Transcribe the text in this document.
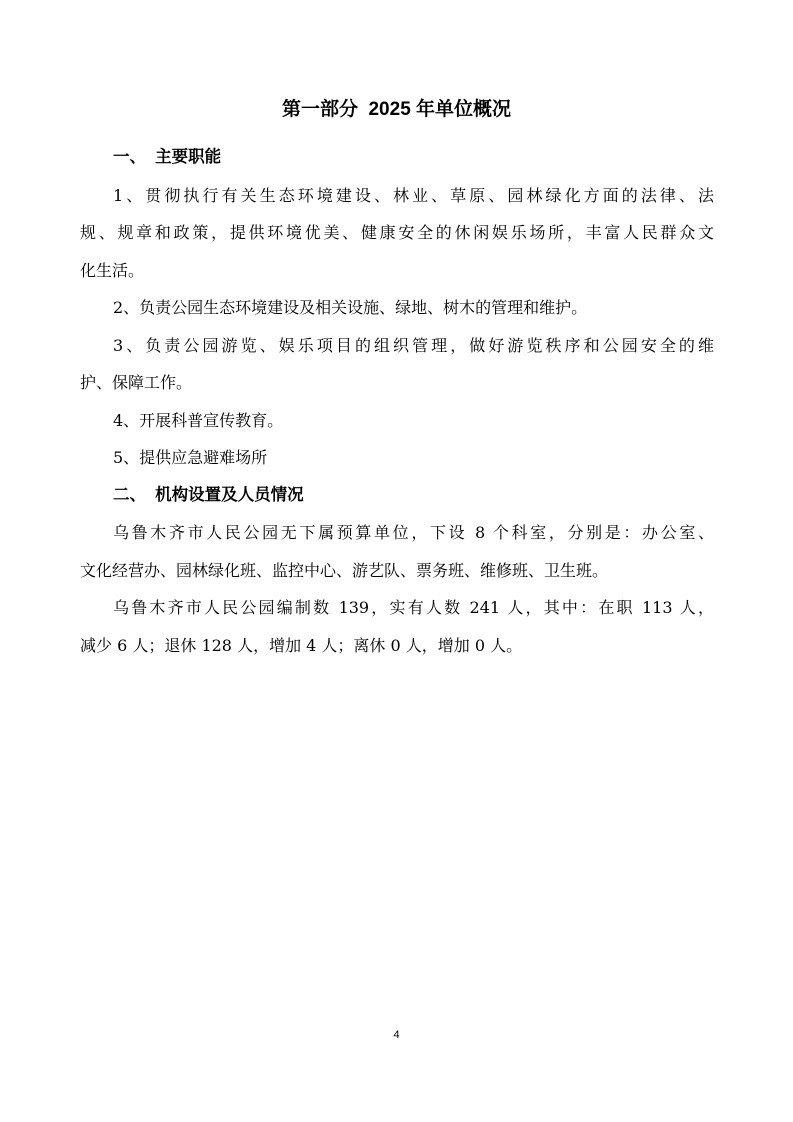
第一部分  2025 年单位概况
一、  主要职能
1、贯彻执行有关生态环境建设、林业、草原、园林绿化方面的法律、法
规、规章和政策，提供环境优美、健康安全的休闲娱乐场所，丰富人民群众文
化生活。
2、负责公园生态环境建设及相关设施、绿地、树木的管理和维护。
3、负责公园游览、娱乐项目的组织管理，做好游览秩序和公园安全的维
护、保障工作。
4、开展科普宣传教育。
5、提供应急避难场所
二、  机构设置及人员情况
乌鲁木齐市人民公园无下属预算单位，下设 8 个科室，分别是：办公室、
文化经营办、园林绿化班、监控中心、游艺队、票务班、维修班、卫生班。
乌鲁木齐市人民公园编制数 139，实有人数 241 人，其中：在职 113 人，
减少 6 人；退休 128 人，增加 4 人；离休 0 人，增加 0 人。
4
